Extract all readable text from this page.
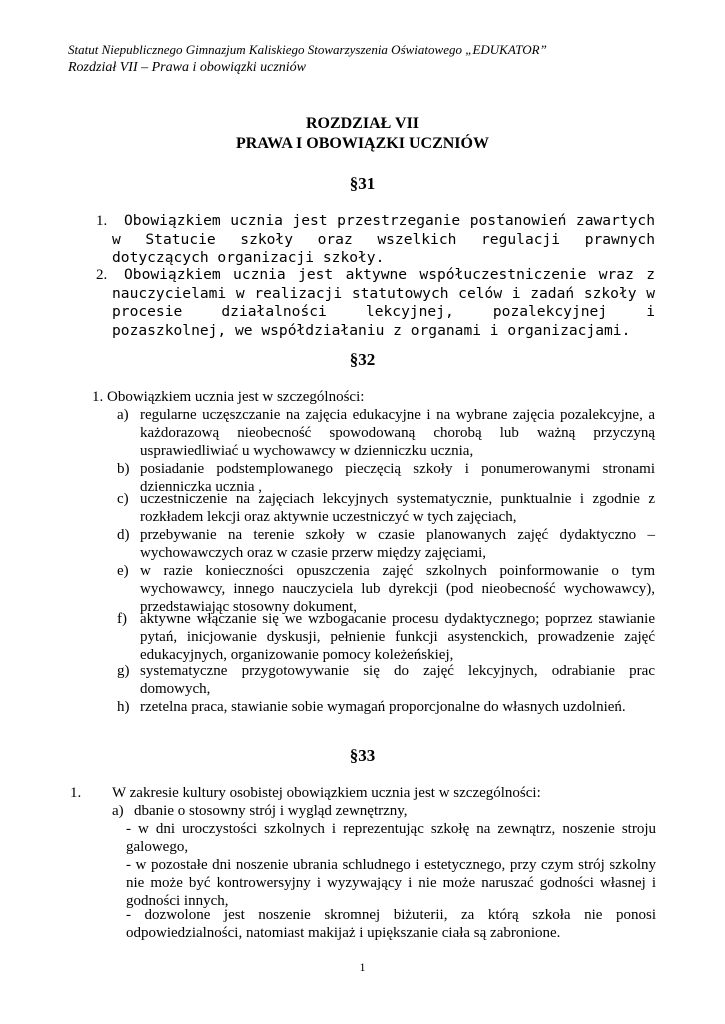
Statut Niepublicznego Gimnazjum Kaliskiego Stowarzyszenia Oświatowego „EDUKATOR”
Rozdział VII – Prawa i obowiązki uczniów
ROZDZIAŁ VII
PRAWA I OBOWIĄZKI UCZNIÓW
§31
1.	Obowiązkiem ucznia jest przestrzeganie postanowień zawartych w Statucie szkoły oraz wszelkich regulacji prawnych dotyczących organizacji szkoły.
2.	Obowiązkiem ucznia jest aktywne współuczestniczenie wraz z nauczycielami w realizacji statutowych celów i zadań szkoły w procesie działalności lekcyjnej, pozalekcyjnej i pozaszkolnej, we współdziałaniu z organami i organizacjami.
§32
1. Obowiązkiem ucznia jest w szczególności:
a) regularne uczęszczanie na zajęcia edukacyjne i na wybrane zajęcia pozalekcyjne, a każdorazową nieobecność spowodowaną chorobą lub ważną przyczyną usprawiedliwiać u wychowawcy w dzienniczku ucznia,
b) posiadanie podstemplowanego pieczęcią szkoły i ponumerowanymi stronami dzienniczka ucznia ,
c) uczestniczenie na zajęciach lekcyjnych systematycznie, punktualnie i zgodnie z rozkładem lekcji oraz aktywnie uczestniczyć w tych zajęciach,
d) przebywanie na terenie szkoły w czasie planowanych zajęć dydaktyczno – wychowawczych oraz w czasie przerw między zajęciami,
e) w razie konieczności opuszczenia zajęć szkolnych poinformowanie o tym wychowawcy, innego nauczyciela lub dyrekcji (pod nieobecność wychowawcy), przedstawiając stosowny dokument,
f) aktywne włączanie się we wzbogacanie procesu dydaktycznego; poprzez stawianie pytań, inicjowanie dyskusji, pełnienie funkcji asystenckich, prowadzenie zajęć edukacyjnych, organizowanie pomocy koleżeńskiej,
g) systematyczne przygotowywanie się do zajęć lekcyjnych, odrabianie prac domowych,
h) rzetelna praca, stawianie sobie wymagań proporcjonalne do własnych uzdolnień.
§33
1. W zakresie kultury osobistej obowiązkiem ucznia jest w szczególności:
a) dbanie o stosowny strój i wygląd zewnętrzny,
- w dni uroczystości szkolnych i reprezentując szkołę na zewnątrz, noszenie stroju galowego,
- w pozostałe dni noszenie ubrania schludnego i estetycznego, przy czym strój szkolny nie może być kontrowersyjny i wyzywający i nie może naruszać godności własnej i godności innych,
- dozwolone jest noszenie skromnej biżuterii, za którą szkoła nie ponosi odpowiedzialności, natomiast makijaż i upiększanie ciała są zabronione.
1
